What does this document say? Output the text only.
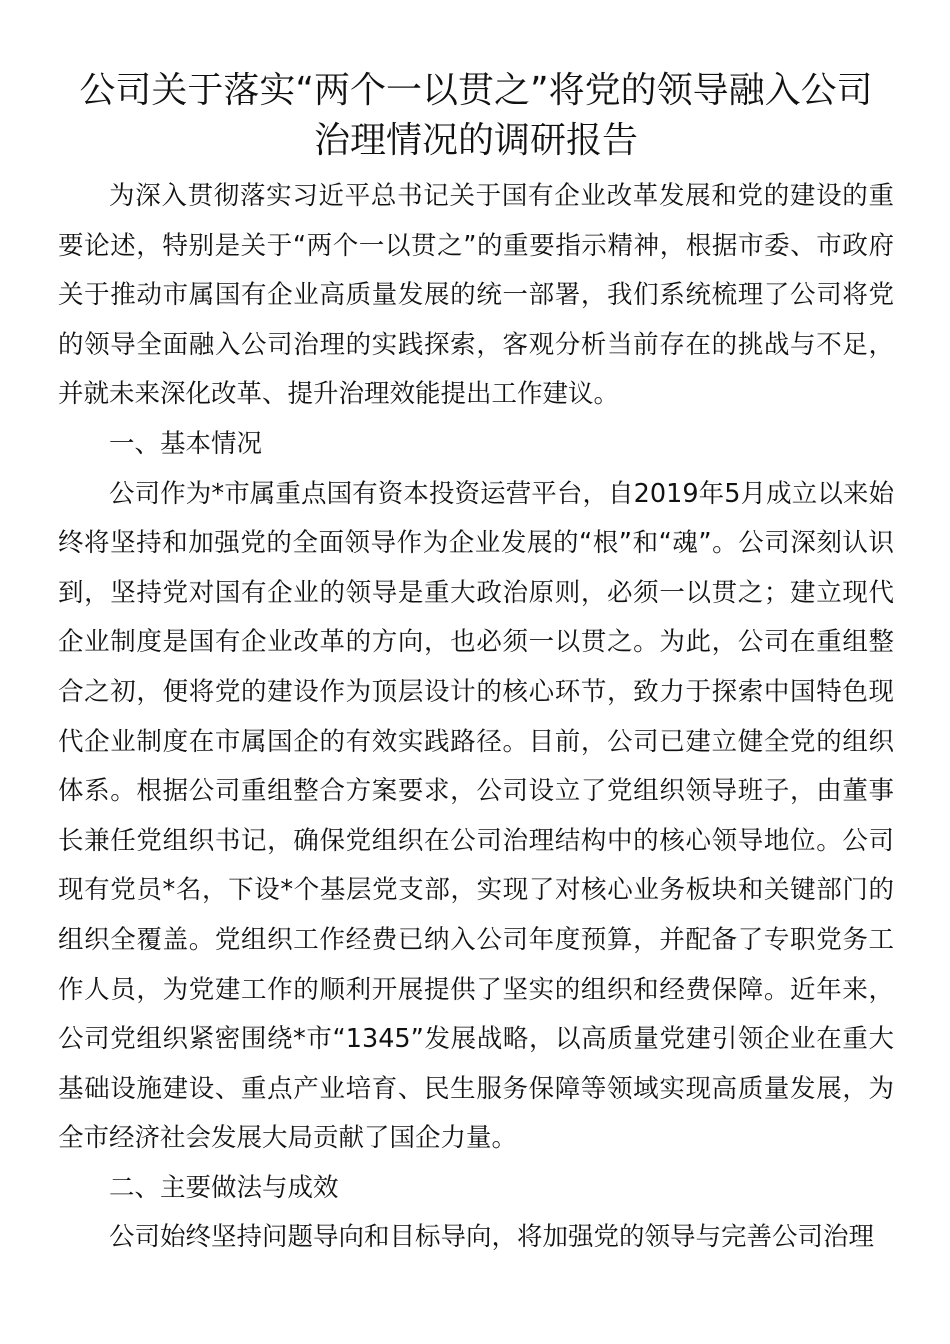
公司关于落实“两个一以贯之”将党的领导融入公司
治理情况的调研报告

为深入贯彻落实习近平总书记关于国有企业改革发展和党的建设的重要论述，特别是关于“两个一以贯之”的重要指示精神，根据市委、市政府关于推动市属国有企业高质量发展的统一部署，我们系统梳理了公司将党的领导全面融入公司治理的实践探索，客观分析当前存在的挑战与不足，并就未来深化改革、提升治理效能提出工作建议。

一、基本情况

公司作为*市属重点国有资本投资运营平台，自2019年5月成立以来始终将坚持和加强党的全面领导作为企业发展的“根”和“魂”。公司深刻认识到，坚持党对国有企业的领导是重大政治原则，必须一以贯之；建立现代企业制度是国有企业改革的方向，也必须一以贯之。为此，公司在重组整合之初，便将党的建设作为顶层设计的核心环节，致力于探索中国特色现代企业制度在市属国企的有效实践路径。目前，公司已建立健全党的组织体系。根据公司重组整合方案要求，公司设立了党组织领导班子，由董事长兼任党组织书记，确保党组织在公司治理结构中的核心领导地位。公司现有党员*名，下设*个基层党支部，实现了对核心业务板块和关键部门的组织全覆盖。党组织工作经费已纳入公司年度预算，并配备了专职党务工作人员，为党建工作的顺利开展提供了坚实的组织和经费保障。近年来，公司党组织紧密围绕*市“1345”发展战略，以高质量党建引领企业在重大基础设施建设、重点产业培育、民生服务保障等领域实现高质量发展，为全市经济社会发展大局贡献了国企力量。

二、主要做法与成效

公司始终坚持问题导向和目标导向，将加强党的领导与完善公司治理
